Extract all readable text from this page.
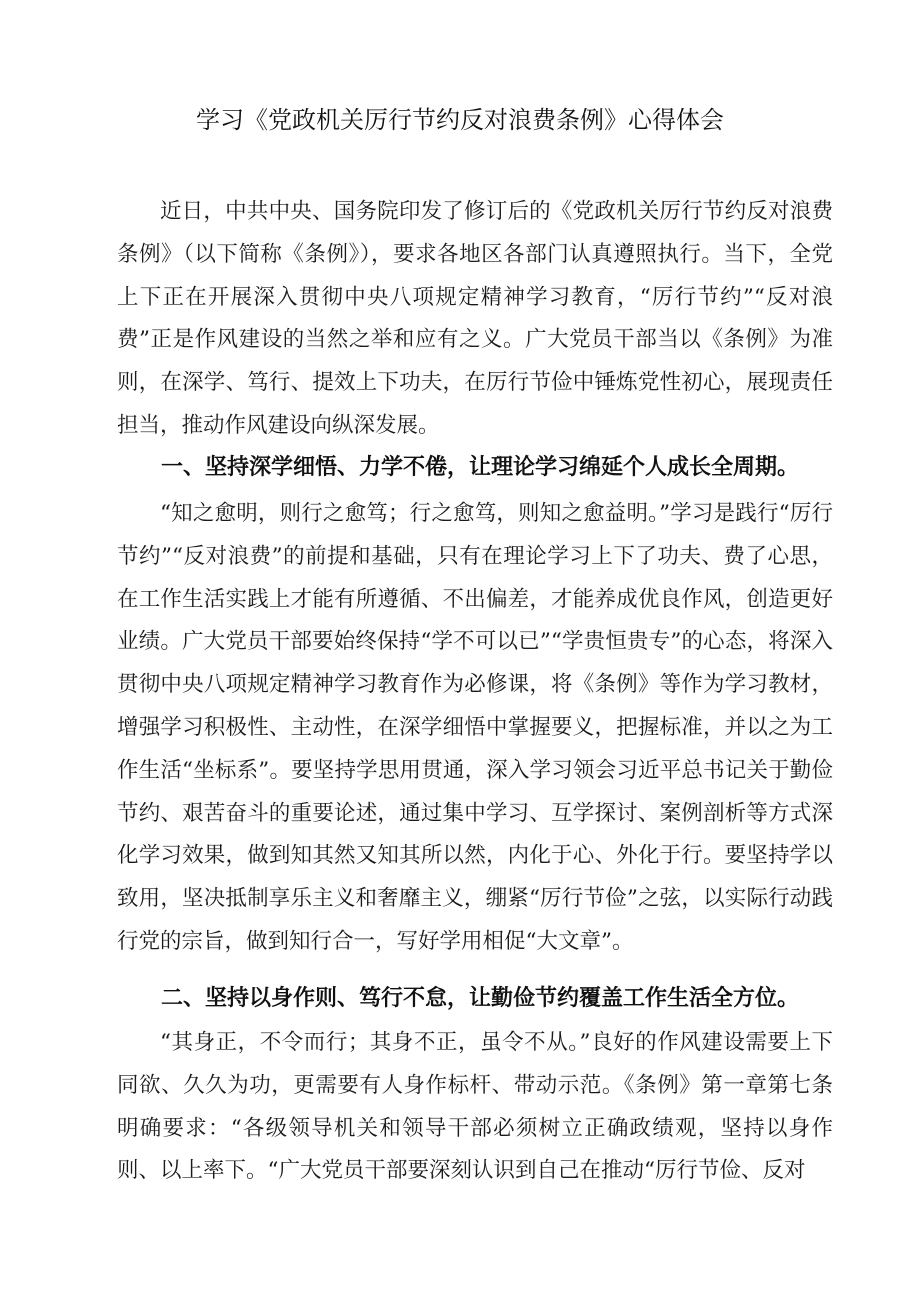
学习《党政机关厉行节约反对浪费条例》心得体会

近日，中共中央、国务院印发了修订后的《党政机关厉行节约反对浪费条例》（以下简称《条例》），要求各地区各部门认真遵照执行。当下，全党上下正在开展深入贯彻中央八项规定精神学习教育，“厉行节约”“反对浪费”正是作风建设的当然之举和应有之义。广大党员干部当以《条例》为准则，在深学、笃行、提效上下功夫，在厉行节俭中锤炼党性初心，展现责任担当，推动作风建设向纵深发展。

一、坚持深学细悟、力学不倦，让理论学习绵延个人成长全周期。

“知之愈明，则行之愈笃；行之愈笃，则知之愈益明。”学习是践行“厉行节约”“反对浪费”的前提和基础，只有在理论学习上下了功夫、费了心思，在工作生活实践上才能有所遵循、不出偏差，才能养成优良作风，创造更好业绩。广大党员干部要始终保持“学不可以已”“学贵恒贵专”的心态，将深入贯彻中央八项规定精神学习教育作为必修课，将《条例》等作为学习教材，增强学习积极性、主动性，在深学细悟中掌握要义，把握标准，并以之为工作生活“坐标系”。要坚持学思用贯通，深入学习领会习近平总书记关于勤俭节约、艰苦奋斗的重要论述，通过集中学习、互学探讨、案例剖析等方式深化学习效果，做到知其然又知其所以然，内化于心、外化于行。要坚持学以致用，坚决抵制享乐主义和奢靡主义，绷紧“厉行节俭”之弦，以实际行动践行党的宗旨，做到知行合一，写好学用相促“大文章”。

二、坚持以身作则、笃行不怠，让勤俭节约覆盖工作生活全方位。

“其身正，不令而行；其身不正，虽令不从。”良好的作风建设需要上下同欲、久久为功，更需要有人身作标杆、带动示范。《条例》第一章第七条明确要求：“各级领导机关和领导干部必须树立正确政绩观，坚持以身作则、以上率下。“广大党员干部要深刻认识到自己在推动“厉行节俭、反对
